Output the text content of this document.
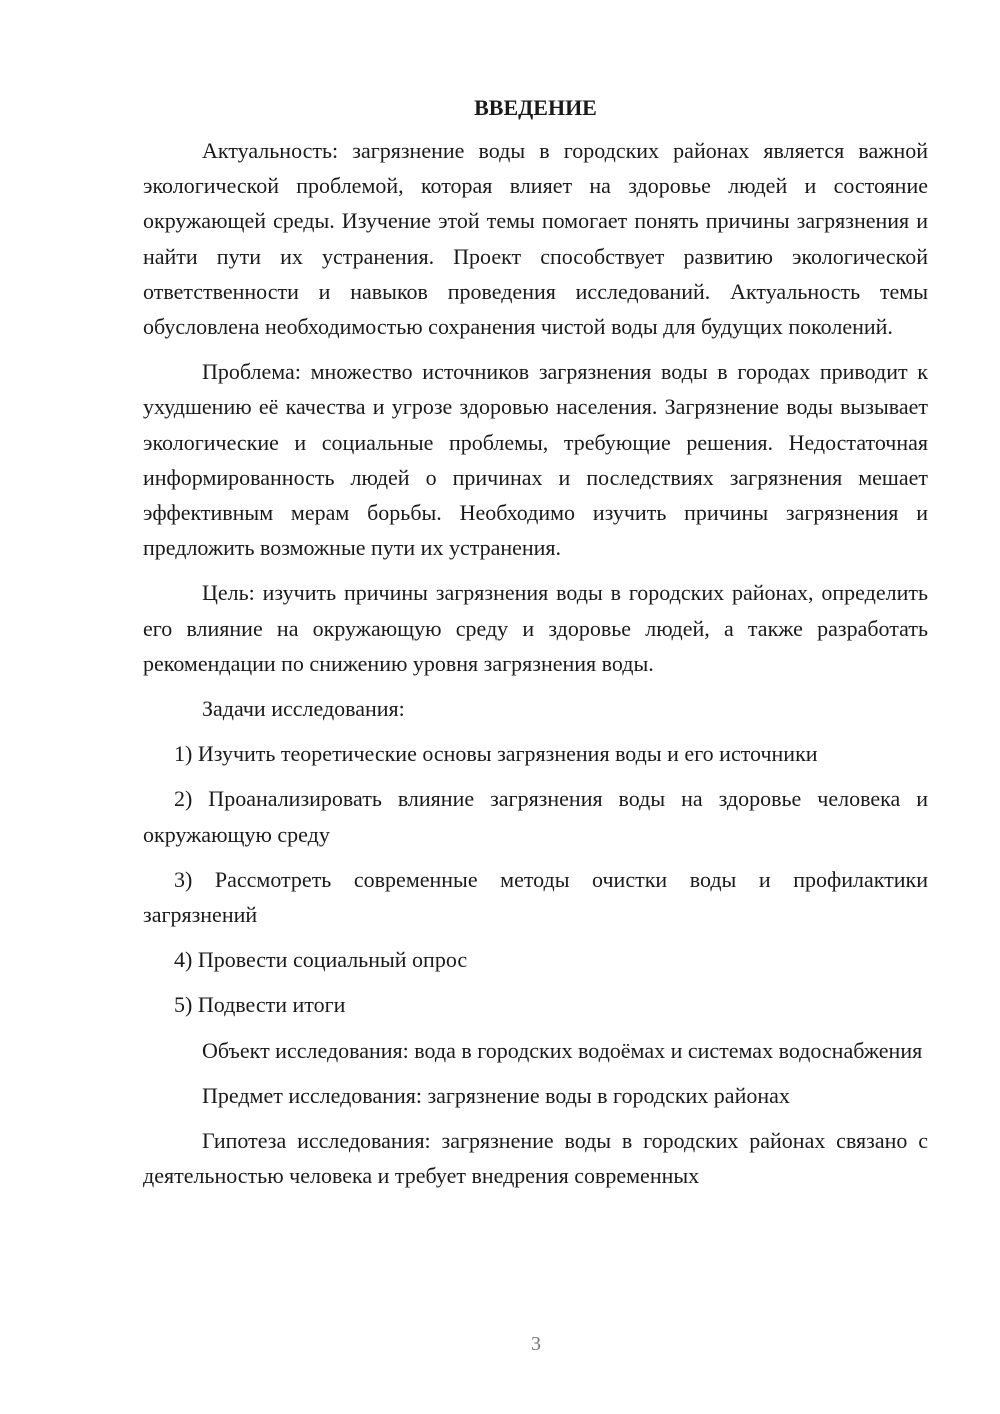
ВВЕДЕНИЕ

Актуальность: загрязнение воды в городских районах является важной экологической проблемой, которая влияет на здоровье людей и состояние окружающей среды. Изучение этой темы помогает понять причины загрязнения и найти пути их устранения. Проект способствует развитию экологической ответственности и навыков проведения исследований. Актуальность темы обусловлена необходимостью сохранения чистой воды для будущих поколений.

Проблема: множество источников загрязнения воды в городах приводит к ухудшению её качества и угрозе здоровью населения. Загрязнение воды вызывает экологические и социальные проблемы, требующие решения. Недостаточная информированность людей о причинах и последствиях загрязнения мешает эффективным мерам борьбы. Необходимо изучить причины загрязнения и предложить возможные пути их устранения.

Цель: изучить причины загрязнения воды в городских районах, определить его влияние на окружающую среду и здоровье людей, а также разработать рекомендации по снижению уровня загрязнения воды.

Задачи исследования:

1) Изучить теоретические основы загрязнения воды и его источники

2) Проанализировать влияние загрязнения воды на здоровье человека и окружающую среду

3) Рассмотреть современные методы очистки воды и профилактики загрязнений

4) Провести социальный опрос

5) Подвести итоги

Объект исследования: вода в городских водоёмах и системах водоснабжения

Предмет исследования: загрязнение воды в городских районах

Гипотеза исследования: загрязнение воды в городских районах связано с деятельностью человека и требует внедрения современных

3
